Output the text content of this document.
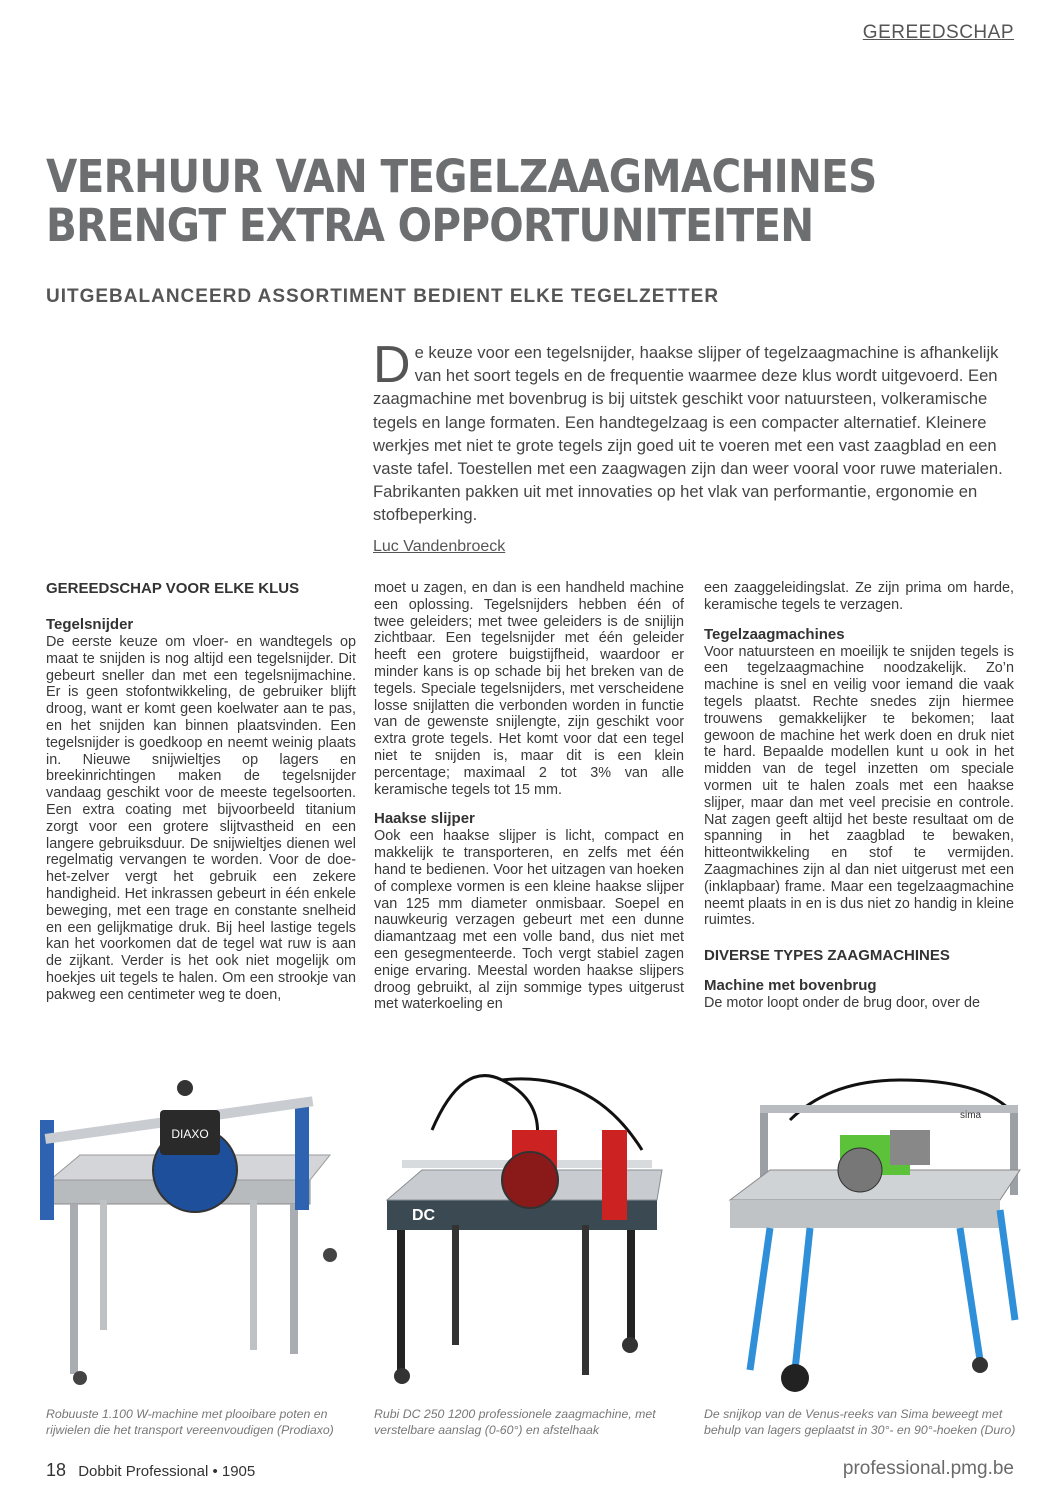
GEREEDSCHAP
VERHUUR VAN TEGELZAAGMACHINES
BRENGT EXTRA OPPORTUNITEITEN
UITGEBALANCEERD ASSORTIMENT BEDIENT ELKE TEGELZETTER
De keuze voor een tegelsnijder, haakse slijper of tegelzaagmachine is afhankelijk van het soort tegels en de frequentie waarmee deze klus wordt uitgevoerd. Een zaagmachine met bovenbrug is bij uitstek geschikt voor natuursteen, volkeramische tegels en lange formaten. Een handtegelzaag is een compacter alternatief. Kleinere werkjes met niet te grote tegels zijn goed uit te voeren met een vast zaagblad en een vaste tafel. Toestellen met een zaagwagen zijn dan weer vooral voor ruwe materialen. Fabrikanten pakken uit met innovaties op het vlak van performantie, ergonomie en stofbeperking.
Luc Vandenbroeck
GEREEDSCHAP VOOR ELKE KLUS
Tegelsnijder

De eerste keuze om vloer- en wandtegels op maat te snijden is nog altijd een tegelsnijder. Dit gebeurt sneller dan met een tegelsnijmachine. Er is geen stofontwikkeling, de gebruiker blijft droog, want er komt geen koelwater aan te pas, en het snijden kan binnen plaatsvinden. Een tegelsnijder is goedkoop en neemt weinig plaats in. Nieuwe snijwieltjes op lagers en breekinrichtingen maken de tegelsnijder vandaag geschikt voor de meeste tegelsoorten. Een extra coating met bijvoorbeeld titanium zorgt voor een grotere slijtvastheid en een langere gebruiksduur. De snijwieltjes dienen wel regelmatig vervangen te worden. Voor de doe-het-zelver vergt het gebruik een zekere handigheid. Het inkrassen gebeurt in één enkele beweging, met een trage en constante snelheid en een gelijkmatige druk. Bij heel lastige tegels kan het voorkomen dat de tegel wat ruw is aan de zijkant. Verder is het ook niet mogelijk om hoekjes uit tegels te halen. Om een strookje van pakweg een centimeter weg te doen,

moet u zagen, en dan is een handheld machine een oplossing. Tegelsnijders hebben één of twee geleiders; met twee geleiders is de snijlijn zichtbaar. Een tegelsnijder met één geleider heeft een grotere buigstijfheid, waardoor er minder kans is op schade bij het breken van de tegels. Speciale tegelsnijders, met verscheidene losse snijlatten die verbonden worden in functie van de gewenste snijlengte, zijn geschikt voor extra grote tegels. Het komt voor dat een tegel niet te snijden is, maar dit is een klein percentage; maximaal 2 tot 3% van alle keramische tegels tot 15 mm.

Haakse slijper

Ook een haakse slijper is licht, compact en makkelijk te transporteren, en zelfs met één hand te bedienen. Voor het uitzagen van hoeken of complexe vormen is een kleine haakse slijper van 125 mm diameter onmisbaar. Soepel en nauwkeurig verzagen gebeurt met een dunne diamantzaag met een volle band, dus niet met een gesegmenteerde. Toch vergt stabiel zagen enige ervaring. Meestal worden haakse slijpers droog gebruikt, al zijn sommige types uitgerust met waterkoeling en

een zaaggeleidingslat. Ze zijn prima om harde, keramische tegels te verzagen.

Tegelzaagmachines

Voor natuursteen en moeilijk te snijden tegels is een tegelzaagmachine noodzakelijk. Zo’n machine is snel en veilig voor iemand die vaak tegels plaatst. Rechte snedes zijn hiermee trouwens gemakkelijker te bekomen; laat gewoon de machine het werk doen en druk niet te hard. Bepaalde modellen kunt u ook in het midden van de tegel inzetten om speciale vormen uit te halen zoals met een haakse slijper, maar dan met veel precisie en controle. Nat zagen geeft altijd het beste resultaat om de spanning in het zaagblad te bewaken, hitteontwikkeling en stof te vermijden. Zaagmachines zijn al dan niet uitgerust met een (inklapbaar) frame. Maar een tegelzaagmachine neemt plaats in en is dus niet zo handig in kleine ruimtes.

DIVERSE TYPES ZAAGMACHINES
Machine met bovenbrug

De motor loopt onder de brug door, over de

DIAXO
DC
sima
Robuuste 1.100 W-machine met plooibare poten en rijwielen die het transport vereenvoudigen (Prodiaxo)
Rubi DC 250 1200 professionele zaagmachine, met verstelbare aanslag (0-60°) en afstelhaak
De snijkop van de Venus-reeks van Sima beweegt met behulp van lagers geplaatst in 30°- en 90°-hoeken (Duro)
18 Dobbit Professional • 1905	professional.pmg.be
